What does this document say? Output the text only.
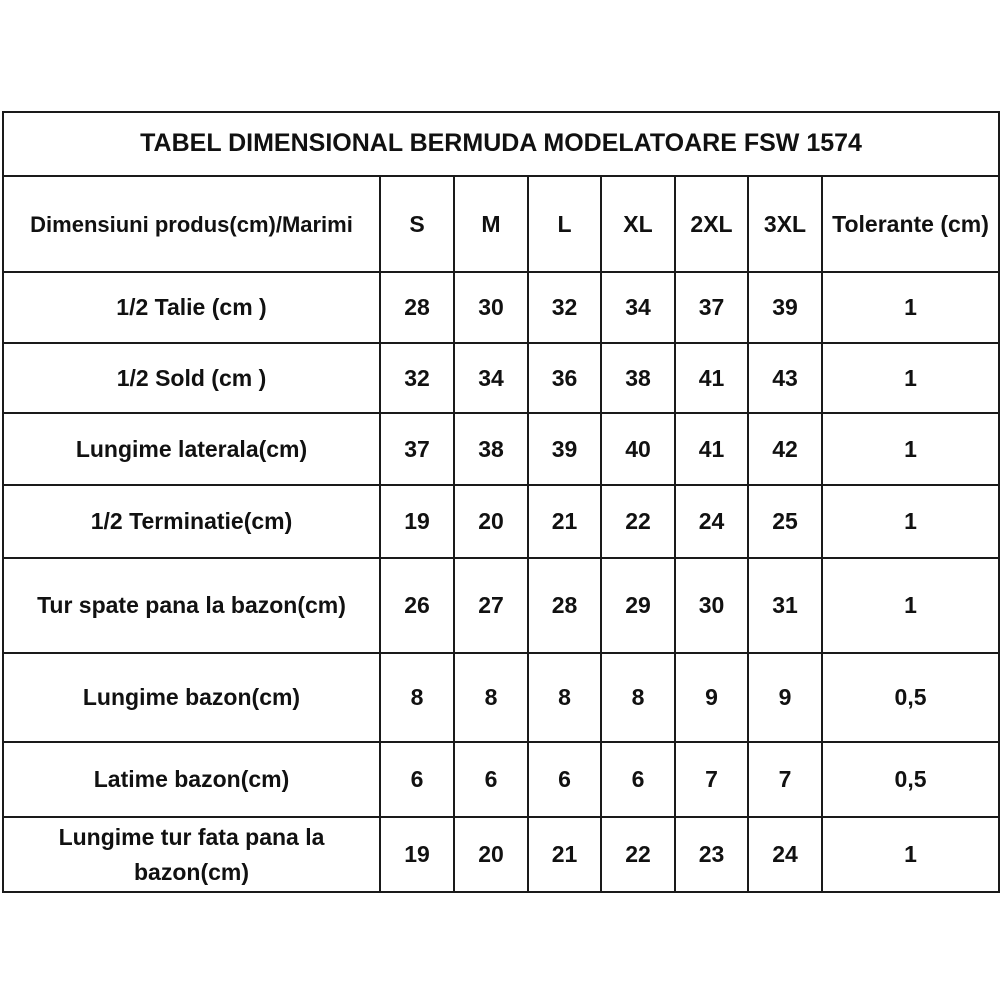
TABEL DIMENSIONAL BERMUDA MODELATOARE FSW 1574							
Dimensiuni produs(cm)/Marimi	S	M	L	XL	2XL	3XL	Tolerante (cm)
1/2 Talie (cm )	28	30	32	34	37	39	1
1/2 Sold (cm )	32	34	36	38	41	43	1
Lungime laterala(cm)	37	38	39	40	41	42	1
1/2 Terminatie(cm)	19	20	21	22	24	25	1
Tur spate pana la bazon(cm)	26	27	28	29	30	31	1
Lungime bazon(cm)	8	8	8	8	9	9	0,5
Latime bazon(cm)	6	6	6	6	7	7	0,5
Lungime tur fata pana la bazon(cm)	19	20	21	22	23	24	1
